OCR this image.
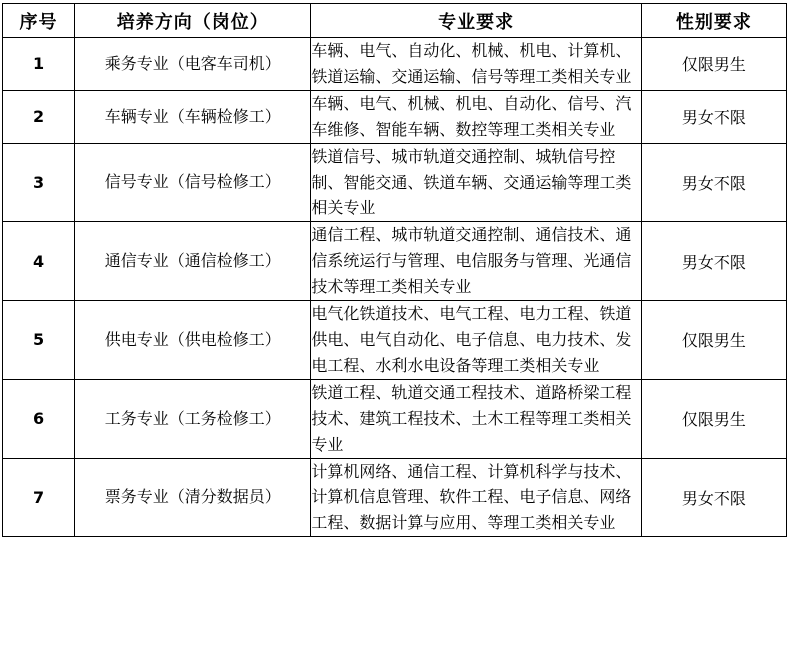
序号	培养方向（岗位）	专业要求	性别要求
1	乘务专业（电客车司机）	车辆、电气、自动化、机械、机电、计算机、铁道运输、交通运输、信号等理工类相关专业	仅限男生
2	车辆专业（车辆检修工）	车辆、电气、机械、机电、自动化、信号、汽车维修、智能车辆、数控等理工类相关专业	男女不限
3	信号专业（信号检修工）	铁道信号、城市轨道交通控制、城轨信号控制、智能交通、铁道车辆、交通运输等理工类相关专业	男女不限
4	通信专业（通信检修工）	通信工程、城市轨道交通控制、通信技术、通信系统运行与管理、电信服务与管理、光通信技术等理工类相关专业	男女不限
5	供电专业（供电检修工）	电气化铁道技术、电气工程、电力工程、铁道供电、电气自动化、电子信息、电力技术、发电工程、水利水电设备等理工类相关专业	仅限男生
6	工务专业（工务检修工）	铁道工程、轨道交通工程技术、道路桥梁工程技术、建筑工程技术、土木工程等理工类相关专业	仅限男生
7	票务专业（清分数据员）	计算机网络、通信工程、计算机科学与技术、计算机信息管理、软件工程、电子信息、网络工程、数据计算与应用、等理工类相关专业	男女不限
